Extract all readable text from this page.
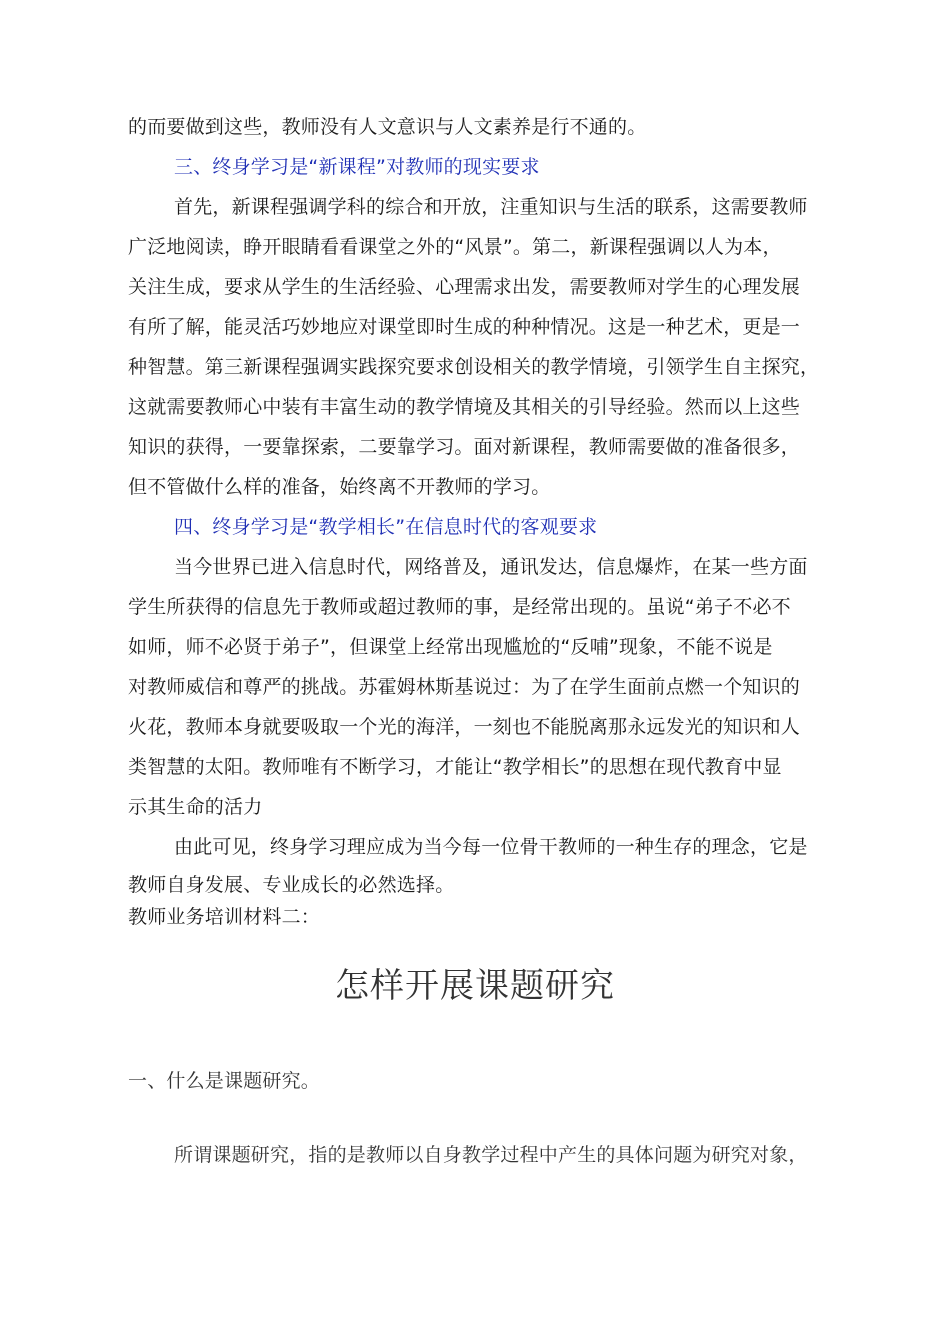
的而要做到这些，教师没有人文意识与人文素养是行不通的。
三、终身学习是“新课程”对教师的现实要求
首先，新课程强调学科的综合和开放，注重知识与生活的联系，这需要教师
广泛地阅读，睁开眼睛看看课堂之外的“风景”。第二，新课程强调以人为本，
关注生成，要求从学生的生活经验、心理需求出发，需要教师对学生的心理发展
有所了解，能灵活巧妙地应对课堂即时生成的种种情况。这是一种艺术，更是一
种智慧。第三新课程强调实践探究要求创设相关的教学情境，引领学生自主探究，
这就需要教师心中装有丰富生动的教学情境及其相关的引导经验。然而以上这些
知识的获得，一要靠探索，二要靠学习。面对新课程，教师需要做的准备很多，
但不管做什么样的准备，始终离不开教师的学习。
四、终身学习是“教学相长”在信息时代的客观要求
当今世界已进入信息时代，网络普及，通讯发达，信息爆炸，在某一些方面
学生所获得的信息先于教师或超过教师的事，是经常出现的。虽说“弟子不必不
如师，师不必贤于弟子”，但课堂上经常出现尴尬的“反哺”现象，不能不说是
对教师威信和尊严的挑战。苏霍姆林斯基说过：为了在学生面前点燃一个知识的
火花，教师本身就要吸取一个光的海洋，一刻也不能脱离那永远发光的知识和人
类智慧的太阳。教师唯有不断学习，才能让“教学相长”的思想在现代教育中显
示其生命的活力
由此可见，终身学习理应成为当今每一位骨干教师的一种生存的理念，它是
教师自身发展、专业成长的必然选择。
教师业务培训材料二：
怎样开展课题研究
一、什么是课题研究。
所谓课题研究，指的是教师以自身教学过程中产生的具体问题为研究对象，
